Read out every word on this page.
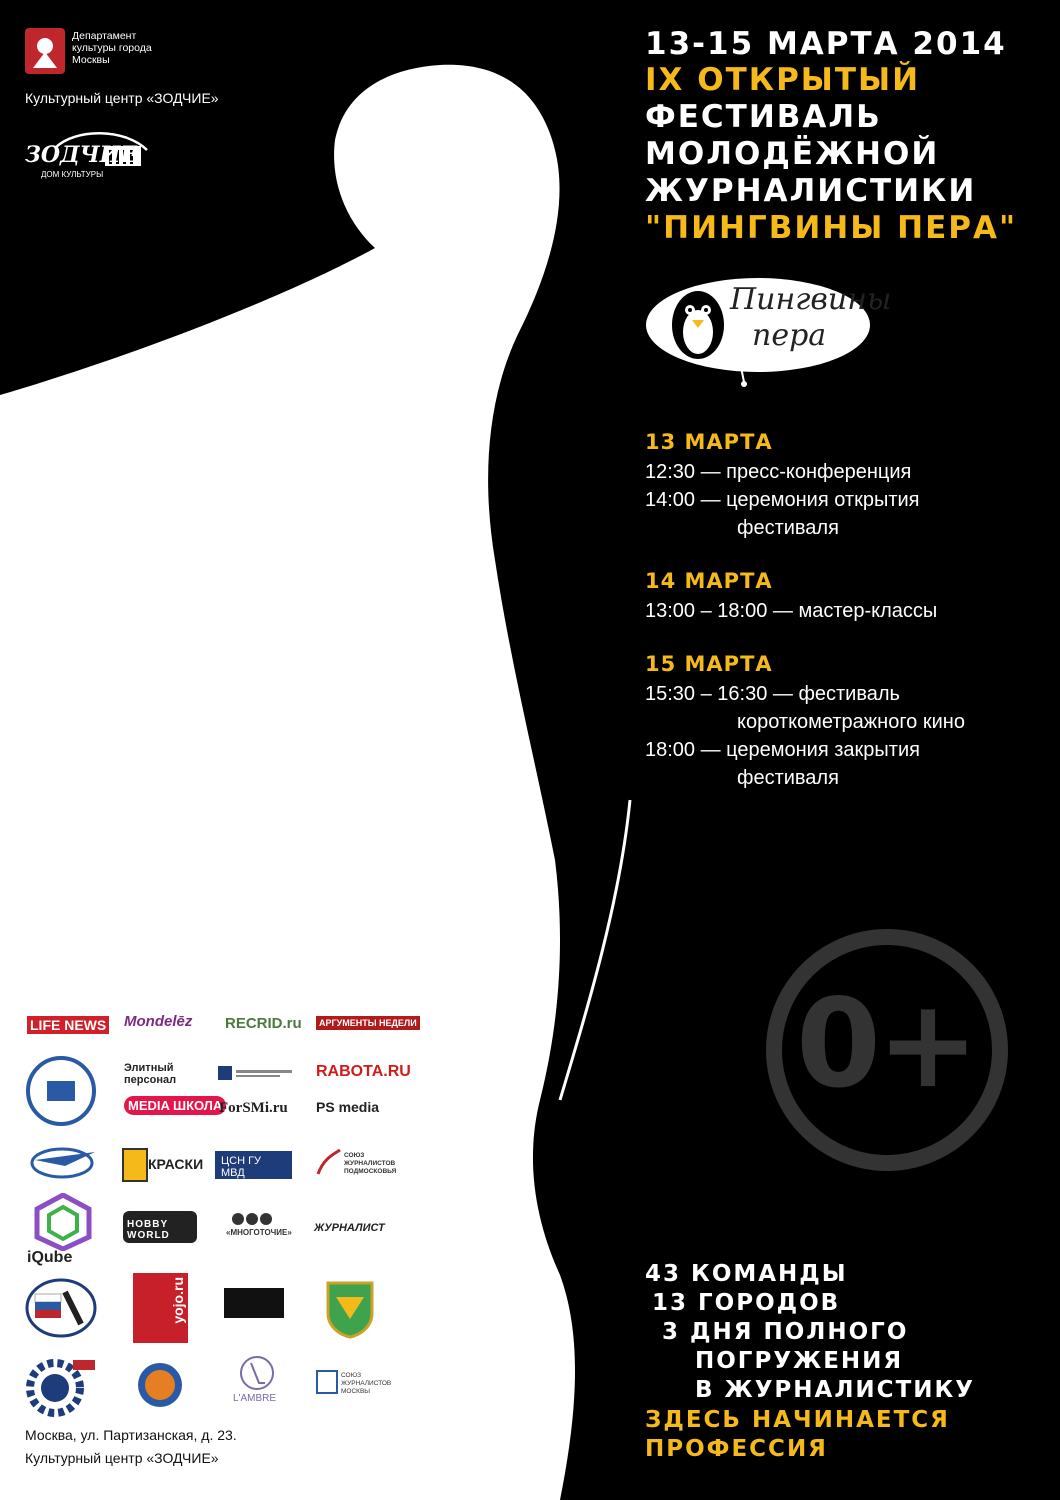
Департамент культуры города Москвы
Культурный центр «ЗОДЧИЕ»
ЗОДЧИЕ
ДОМ КУЛЬТУРЫ
13-15 МАРТА 2014
IX ОТКРЫТЫЙ
ФЕСТИВАЛЬ
МОЛОДЁЖНОЙ
ЖУРНАЛИСТИКИ
"ПИНГВИНЫ ПЕРА"
Пингвины
пера
13 МАРТА
12:30 — пресс-конференция
14:00 — церемония открытия
фестиваля
14 МАРТА
13:00 – 18:00 — мастер-классы
15 МАРТА
15:30 – 16:30 — фестиваль
короткометражного кино
18:00 — церемония закрытия
фестиваля
0+
43 КОМАНДЫ
13 ГОРОДОВ
3 ДНЯ ПОЛНОГО
ПОГРУЖЕНИЯ
В ЖУРНАЛИСТИКУ
ЗДЕСЬ НАЧИНАЕТСЯ
ПРОФЕССИЯ
LIFE NEWS Mondelēz RECRID.ru	АРГУМЕНТЫ НЕДЕЛИ
Элитный персонал	RABOTA.RU
MEDIA ШКОЛА
ForSMi.ru PS media
КРАСКИ	ЦСН ГУ МВД
СОЮЗ ЖУРНАЛИСТОВ ПОДМОСКОВЬЯ
iQube
HOBBY WORLD	«МНОГОТОЧИЕ» ЖУРНАЛИСТ
yojo.ru
L'AMBRE
СОЮЗ ЖУРНАЛИСТОВ МОСКВЫ
Москва, ул. Партизанская, д. 23.
Культурный центр «ЗОДЧИЕ»
